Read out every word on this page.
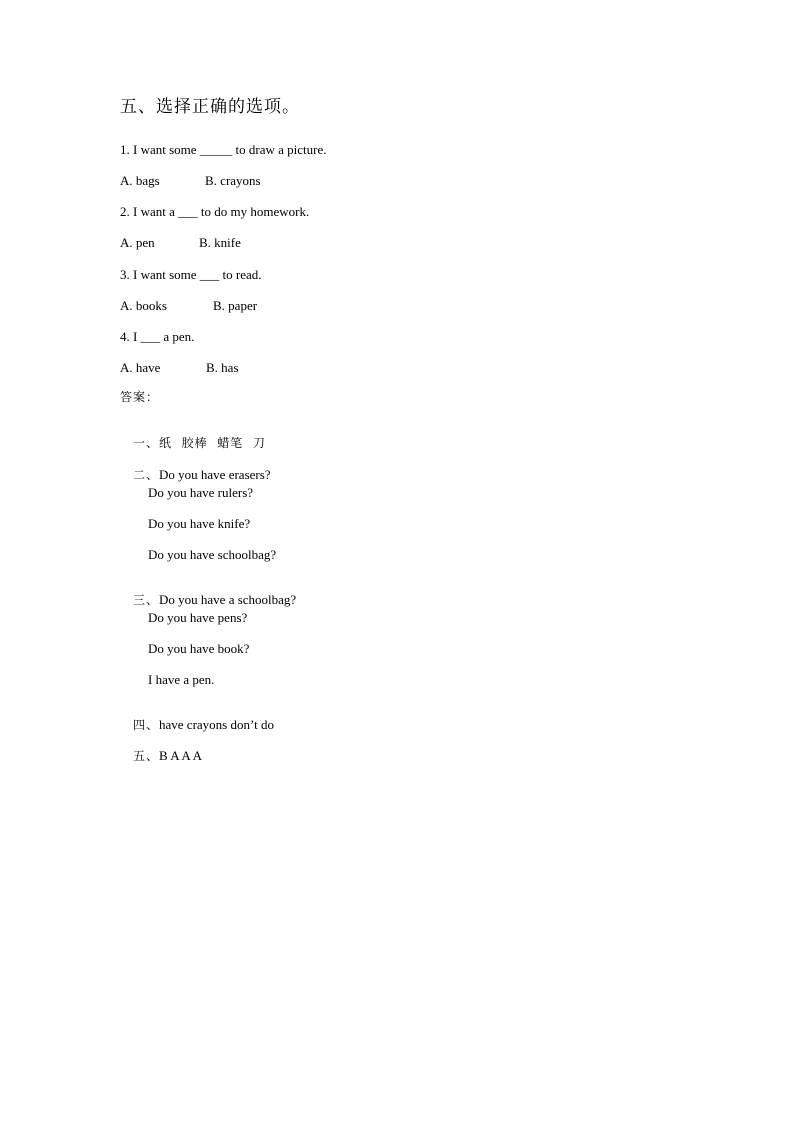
五、选择正确的选项。
1. I want some _____ to draw a picture.
A. bags	B. crayons
2. I want a ___ to do my homework.
A. pen	B. knife
3. I want some ___ to read.
A. books	B. paper
4. I ___ a pen.
A. have	B. has
答案：

一、纸  胶棒  蜡笔  刀

二、Do you have erasers?

Do you have rulers?
Do you have knife?
Do you have schoolbag?

三、Do you have a schoolbag?

Do you have pens?
Do you have book?
I have a pen.

四、have crayons don’t do

五、B A A A
